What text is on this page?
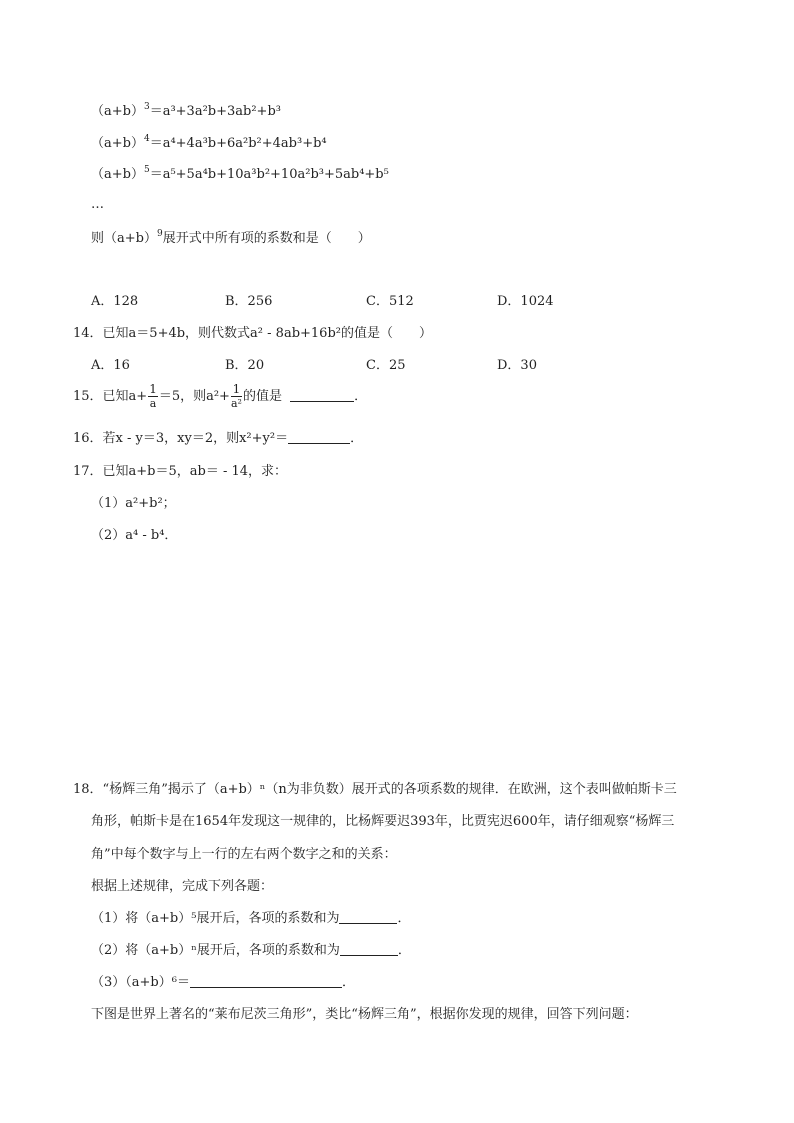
$(a+b)^3=a^3+3a^2b+3ab^2+b^3$
$(a+b)^4=a^4+4a^3b+6a^2b^2+4ab^3+b^4$
$(a+b)^5=a^5+5a^4b+10a^3b^2+10a^2b^3+5ab^4+b^5$
…
则$(a+b)^9$展开式中所有项的系数和是（　　）
A．128	B．256	C．512	D．1024
14．已知a＝5+4b，则代数式a² - 8ab+16b²的值是（　　）
A．16	B．20	C．25	D．30
15．已知$a+ \frac{1}{a} =5$，则$a^2+ \frac{1}{\text{a²}}$ 的值是	．
16．若x - y＝3，xy＝2，则x²+y²＝	．
17．已知a+b＝5，ab＝ - 14，求：
（1）a²+b²；
（2）a⁴ - b⁴．
18．“杨辉三角”揭示了（a+b）ⁿ（n为非负数）展开式的各项系数的规律．在欧洲，这个表叫做帕斯卡三
角形，帕斯卡是在1654年发现这一规律的，比杨辉要迟393年，比贾宪迟600年，请仔细观察“杨辉三
角”中每个数字与上一行的左右两个数字之和的关系：
根据上述规律，完成下列各题：
（1）将（a+b）⁵展开后，各项的系数和为	．
（2）将（a+b）ⁿ展开后，各项的系数和为	．
（3）（a+b）⁶＝	．
下图是世界上著名的“莱布尼茨三角形”，类比“杨辉三角”，根据你发现的规律，回答下列问题：
